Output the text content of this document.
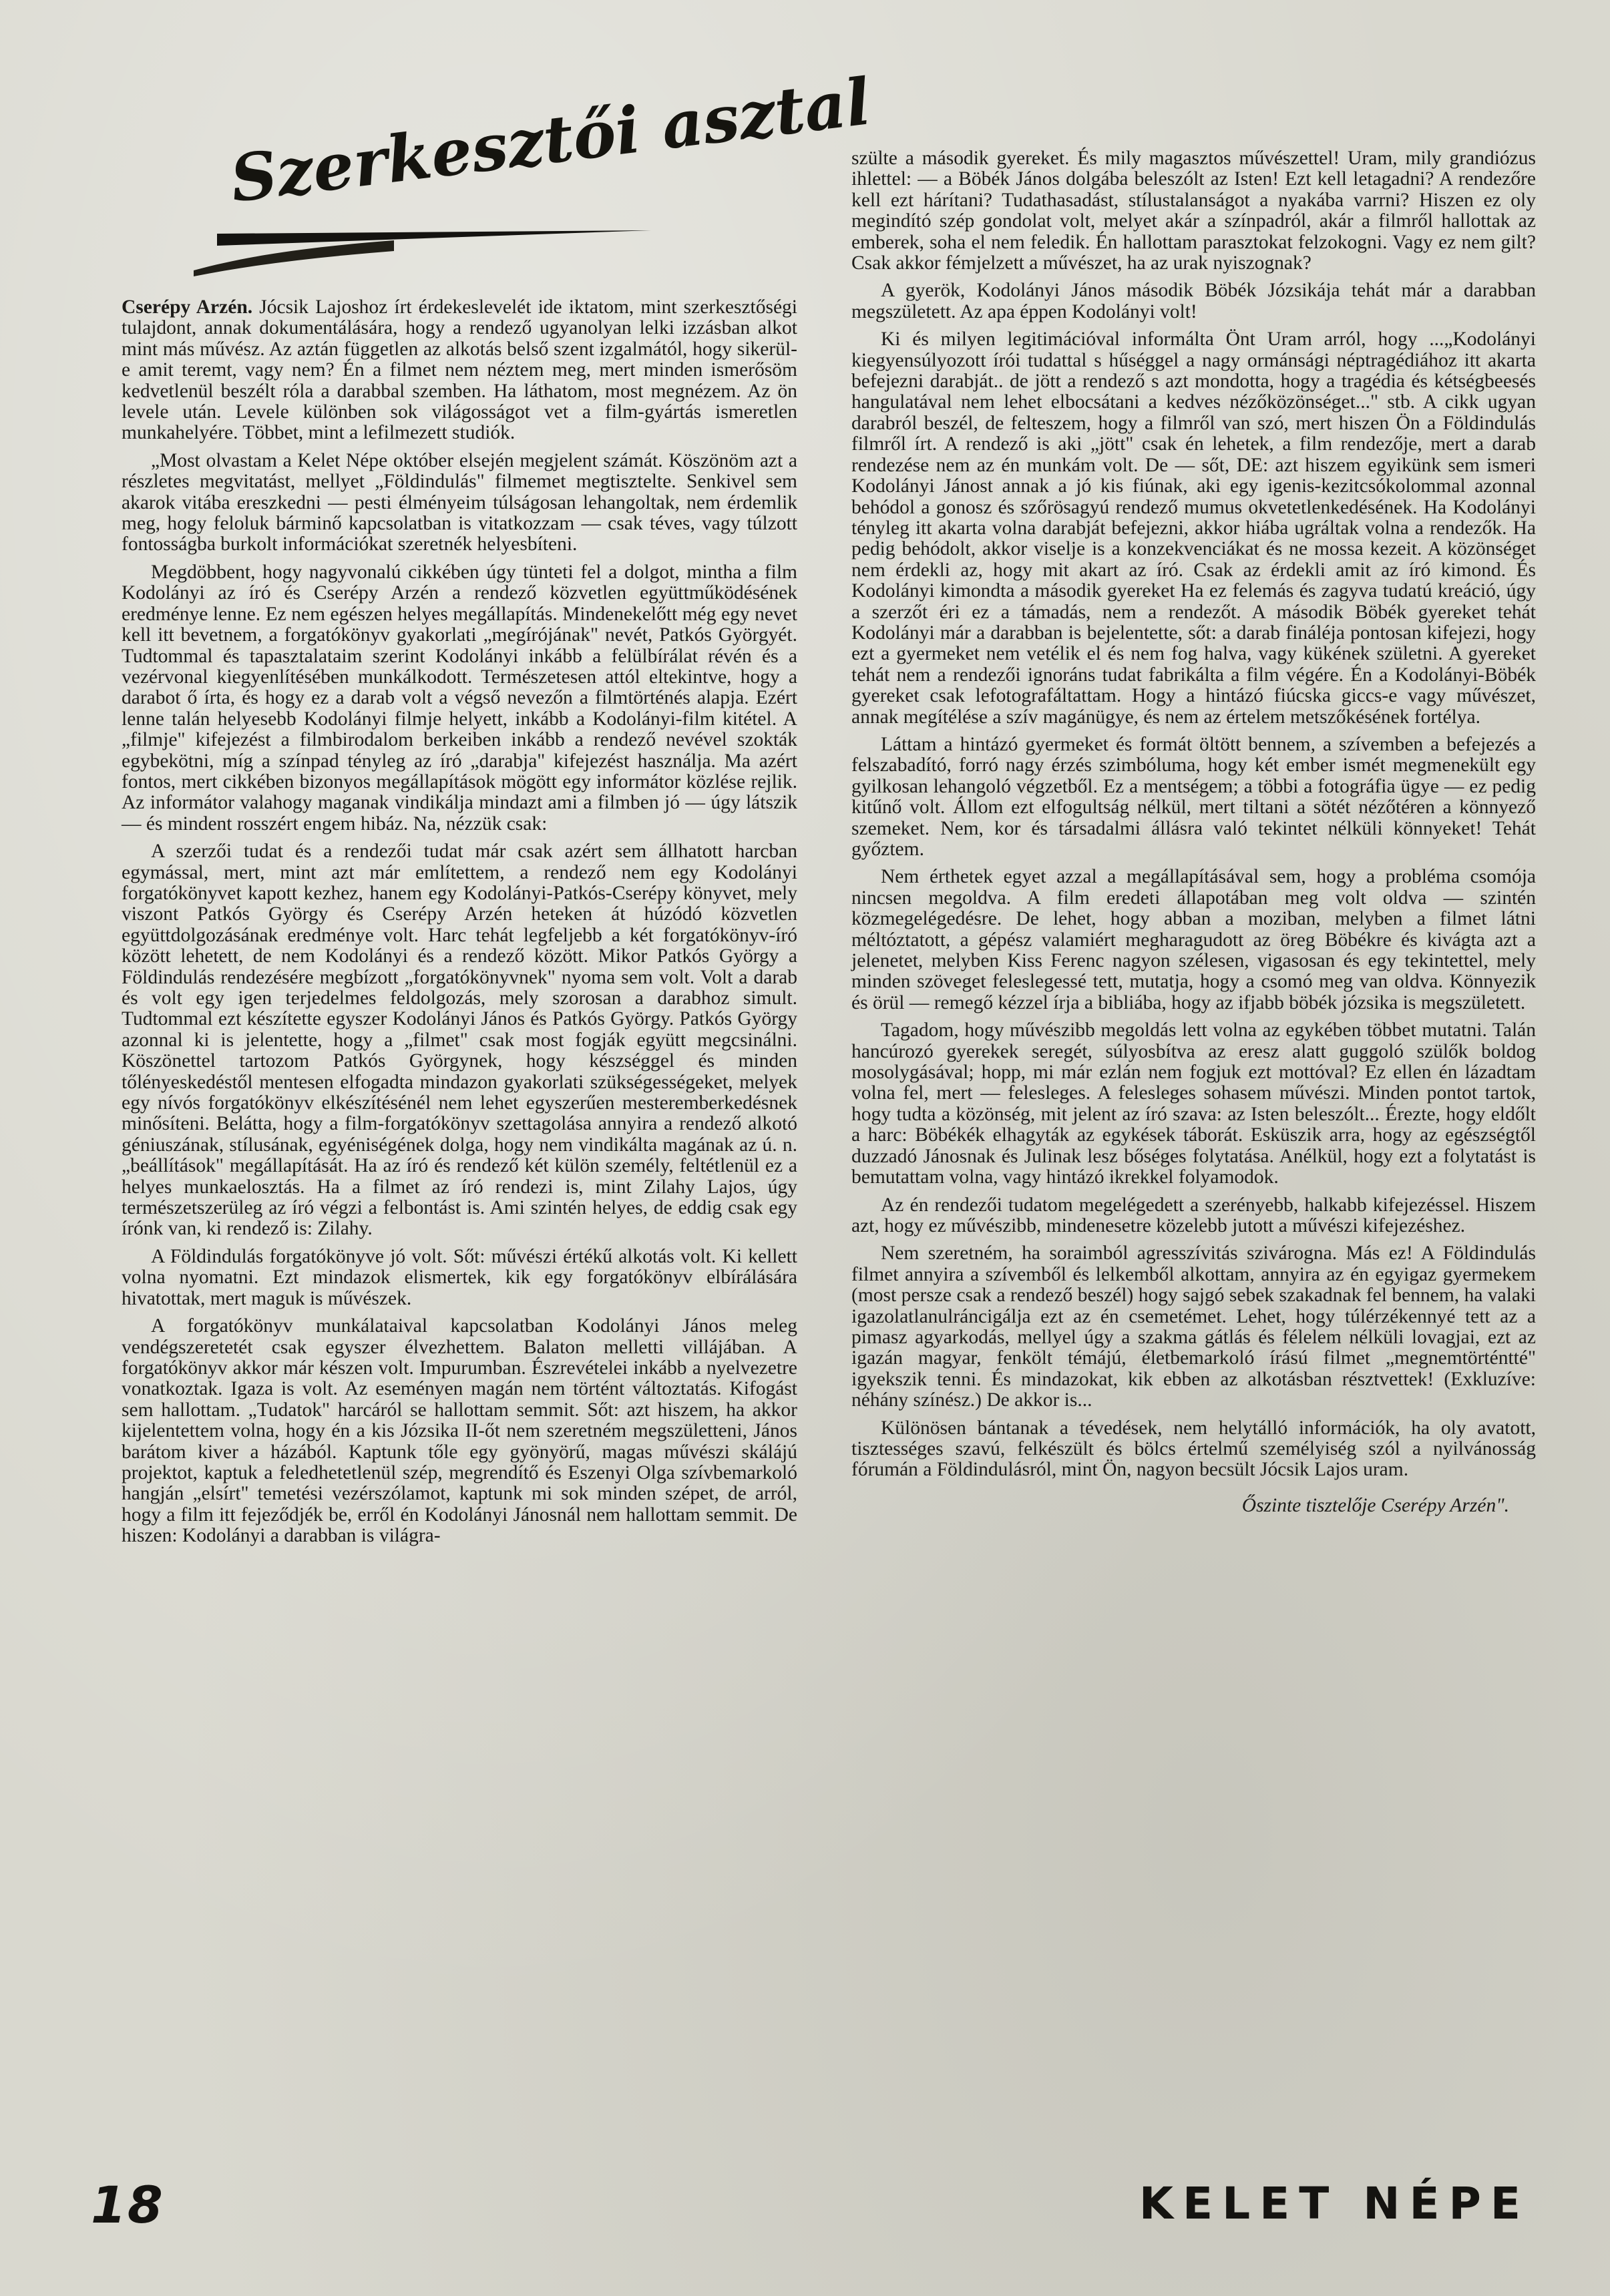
Szerkesztői asztal

Cserépy Arzén. Jócsik Lajoshoz írt érdekeslevelét ide iktatom, mint szerkesztőségi tulajdont, annak dokumentálására, hogy a rendező ugyanolyan lelki izzásban alkot mint más művész. Az aztán független az alkotás belső szent izgalmától, hogy sikerül-e amit teremt, vagy nem? Én a filmet nem néztem meg, mert minden ismerősöm kedvetlenül beszélt róla a darabbal szemben. Ha láthatom, most megnézem. Az ön levele után. Levele különben sok világosságot vet a film-gyártás ismeretlen munkahelyére. Többet, mint a lefilmezett studiók.

„Most olvastam a Kelet Népe október elsején megjelent számát. Köszönöm azt a részletes megvitatást, mellyet „Földindulás" filmemet megtisztelte. Senkivel sem akarok vitába ereszkedni — pesti élményeim túlságosan lehangoltak, nem érdemlik meg, hogy feloluk bárminő kapcsolatban is vitatkozzam — csak téves, vagy túlzott fontosságba burkolt információkat szeretnék helyesbíteni.

Megdöbbent, hogy nagyvonalú cikkében úgy tünteti fel a dolgot, mintha a film Kodolányi az író és Cserépy Arzén a rendező közvetlen együttműködésének eredménye lenne. Ez nem egészen helyes megállapítás. Mindenekelőtt még egy nevet kell itt bevetnem, a forgatókönyv gyakorlati „megírójának" nevét, Patkós Györgyét. Tudtommal és tapasztalataim szerint Kodolányi inkább a felülbírálat révén és a vezérvonal kiegyenlítésében munkálkodott. Természetesen attól eltekintve, hogy a darabot ő írta, és hogy ez a darab volt a végső nevezőn a filmtörténés alapja. Ezért lenne talán helyesebb Kodolányi filmje helyett, inkább a Kodolányi-film kitétel. A „filmje" kifejezést a filmbirodalom berkeiben inkább a rendező nevével szokták egybekötni, míg a színpad tényleg az író „darabja" kifejezést használja. Ma azért fontos, mert cikkében bizonyos megállapítások mögött egy informátor közlése rejlik. Az informátor valahogy maganak vindikálja mindazt ami a filmben jó — úgy látszik — és mindent rosszért engem hibáz. Na, nézzük csak:

A szerzői tudat és a rendezői tudat már csak azért sem állhatott harcban egymással, mert, mint azt már említettem, a rendező nem egy Kodolányi forgatókönyvet kapott kezhez, hanem egy Kodolányi-Patkós-Cserépy könyvet, mely viszont Patkós György és Cserépy Arzén heteken át húzódó közvetlen együttdolgozásának eredménye volt. Harc tehát legfeljebb a két forgatókönyv-író között lehetett, de nem Kodolányi és a rendező között. Mikor Patkós György a Földindulás rendezésére megbízott „forgatókönyvnek" nyoma sem volt. Volt a darab és volt egy igen terjedelmes feldolgozás, mely szorosan a darabhoz simult. Tudtommal ezt készítette egyszer Kodolányi János és Patkós György. Patkós György azonnal ki is jelentette, hogy a „filmet" csak most fogják együtt megcsinálni. Köszönettel tartozom Patkós Györgynek, hogy készséggel és minden tőlényeskedéstől mentesen elfogadta mindazon gyakorlati szükségességeket, melyek egy nívós forgatókönyv elkészítésénél nem lehet egyszerűen mesteremberkedésnek minősíteni. Belátta, hogy a film-forgatókönyv szettagolása annyira a rendező alkotó géniuszának, stílusának, egyéniségének dolga, hogy nem vindikálta magának az ú. n. „beállítások" megállapítását. Ha az író és rendező két külön személy, feltétlenül ez a helyes munkaelosztás. Ha a filmet az író rendezi is, mint Zilahy Lajos, úgy természetszerüleg az író végzi a felbontást is. Ami szintén helyes, de eddig csak egy írónk van, ki rendező is: Zilahy.

A Földindulás forgatókönyve jó volt. Sőt: művészi értékű alkotás volt. Ki kellett volna nyomatni. Ezt mindazok elismertek, kik egy forgatókönyv elbírálására hivatottak, mert maguk is művészek.

A forgatókönyv munkálataival kapcsolatban Kodolányi János meleg vendégszeretetét csak egyszer élvezhettem. Balaton melletti villájában. A forgatókönyv akkor már készen volt. Impurumban. Észrevételei inkább a nyelvezetre vonatkoztak. Igaza is volt. Az eseményen magán nem történt változtatás. Kifogást sem hallottam. „Tudatok" harcáról se hallottam semmit. Sőt: azt hiszem, ha akkor kijelentettem volna, hogy én a kis Józsika II-őt nem szeretném megszületteni, János barátom kiver a házából. Kaptunk tőle egy gyönyörű, magas művészi skálájú projektot, kaptuk a feledhetetlenül szép, megrendítő és Eszenyi Olga szívbemarkoló hangján „elsírt" temetési vezérszólamot, kaptunk mi sok minden szépet, de arról, hogy a film itt fejeződjék be, erről én Kodolányi Jánosnál nem hallottam semmit. De hiszen: Kodolányi a darabban is világra-

szülte a második gyereket. És mily magasztos művészettel! Uram, mily grandiózus ihlettel: — a Böbék János dolgába beleszólt az Isten! Ezt kell letagadni? A rendezőre kell ezt hárítani? Tudathasadást, stílustalanságot a nyakába varrni? Hiszen ez oly megindító szép gondolat volt, melyet akár a színpadról, akár a filmről hallottak az emberek, soha el nem feledik. Én hallottam parasztokat felzokogni. Vagy ez nem gilt? Csak akkor fémjelzett a művészet, ha az urak nyiszognak?

A gyerök, Kodolányi János második Böbék Józsikája tehát már a darabban megszületett. Az apa éppen Kodolányi volt!

Ki és milyen legitimációval informálta Önt Uram arról, hogy ...„Kodolányi kiegyensúlyozott írói tudattal s hűséggel a nagy ormánsági néptragédiához itt akarta befejezni darabját.. de jött a rendező s azt mondotta, hogy a tragédia és kétségbeesés hangulatával nem lehet elbocsátani a kedves nézőközönséget..." stb. A cikk ugyan darabról beszél, de felteszem, hogy a filmről van szó, mert hiszen Ön a Földindulás filmről írt. A rendező is aki „jött" csak én lehetek, a film rendezője, mert a darab rendezése nem az én munkám volt. De — sőt, DE: azt hiszem egyikünk sem ismeri Kodolányi Jánost annak a jó kis fiúnak, aki egy igenis-kezitcsókolommal azonnal behódol a gonosz és szőrösagyú rendező mumus okvetetlenkedésének. Ha Kodolányi tényleg itt akarta volna darabját befejezni, akkor hiába ugráltak volna a rendezők. Ha pedig behódolt, akkor viselje is a konzekvenciákat és ne mossa kezeit. A közönséget nem érdekli az, hogy mit akart az író. Csak az érdekli amit az író kimond. És Kodolányi kimondta a második gyereket Ha ez felemás és zagyva tudatú kreáció, úgy a szerzőt éri ez a támadás, nem a rendezőt. A második Böbék gyereket tehát Kodolányi már a darabban is bejelentette, sőt: a darab fináléja pontosan kifejezi, hogy ezt a gyermeket nem vetélik el és nem fog halva, vagy kükének születni. A gyereket tehát nem a rendezői ignoráns tudat fabrikálta a film végére. Én a Kodolányi-Böbék gyereket csak lefotografáltattam. Hogy a hintázó fiúcska giccs-e vagy művészet, annak megítélése a szív magánügye, és nem az értelem metszőkésének fortélya.

Láttam a hintázó gyermeket és formát öltött bennem, a szívemben a befejezés a felszabadító, forró nagy érzés szimbóluma, hogy két ember ismét megmenekült egy gyilkosan lehangoló végzetből. Ez a mentségem; a többi a fotográfia ügye — ez pedig kitűnő volt. Állom ezt elfogultság nélkül, mert tiltani a sötét nézőtéren a könnyező szemeket. Nem, kor és társadalmi állásra való tekintet nélküli könnyeket! Tehát győztem.

Nem érthetek egyet azzal a megállapításával sem, hogy a probléma csomója nincsen megoldva. A film eredeti állapotában meg volt oldva — szintén közmegelégedésre. De lehet, hogy abban a moziban, melyben a filmet látni méltóztatott, a gépész valamiért megharagudott az öreg Böbékre és kivágta azt a jelenetet, melyben Kiss Ferenc nagyon szélesen, vigasosan és egy tekintettel, mely minden szöveget feleslegessé tett, mutatja, hogy a csomó meg van oldva. Könnyezik és örül — remegő kézzel írja a bibliába, hogy az ifjabb böbék józsika is megszületett.

Tagadom, hogy művészibb megoldás lett volna az egykében többet mutatni. Talán hancúrozó gyerekek seregét, súlyosbítva az eresz alatt guggoló szülők boldog mosolygásával; hopp, mi már ezlán nem fogjuk ezt mottóval? Ez ellen én lázadtam volna fel, mert — felesleges. A felesleges sohasem művészi. Minden pontot tartok, hogy tudta a közönség, mit jelent az író szava: az Isten beleszólt... Érezte, hogy eldőlt a harc: Böbékék elhagyták az egykések táborát. Esküszik arra, hogy az egészségtől duzzadó Jánosnak és Julinak lesz bőséges folytatása. Anélkül, hogy ezt a folytatást is bemutattam volna, vagy hintázó ikrekkel folyamodok.

Az én rendezői tudatom megelégedett a szerényebb, halkabb kifejezéssel. Hiszem azt, hogy ez művészibb, mindenesetre közelebb jutott a művészi kifejezéshez.

Nem szeretném, ha soraimból agresszívitás szivárogna. Más ez! A Földindulás filmet annyira a szívemből és lelkemből alkottam, annyira az én egyigaz gyermekem (most persze csak a rendező beszél) hogy sajgó sebek szakadnak fel bennem, ha valaki igazolatlanulráncigálja ezt az én csemetémet. Lehet, hogy túlérzékennyé tett az a pimasz agyarkodás, mellyel úgy a szakma gátlás és félelem nélküli lovagjai, ezt az igazán magyar, fenkölt témájú, életbemarkoló írású filmet „megnemtörténtté" igyekszik tenni. És mindazokat, kik ebben az alkotásban résztvettek! (Exkluzíve: néhány színész.) De akkor is...

Különösen bántanak a tévedések, nem helytálló információk, ha oly avatott, tisztességes szavú, felkészült és bölcs értelmű személyiség szól a nyilvánosság fórumán a Földindulásról, mint Ön, nagyon becsült Jócsik Lajos uram.

Őszinte tisztelője Cserépy Arzén".

18	KELET NÉPE
